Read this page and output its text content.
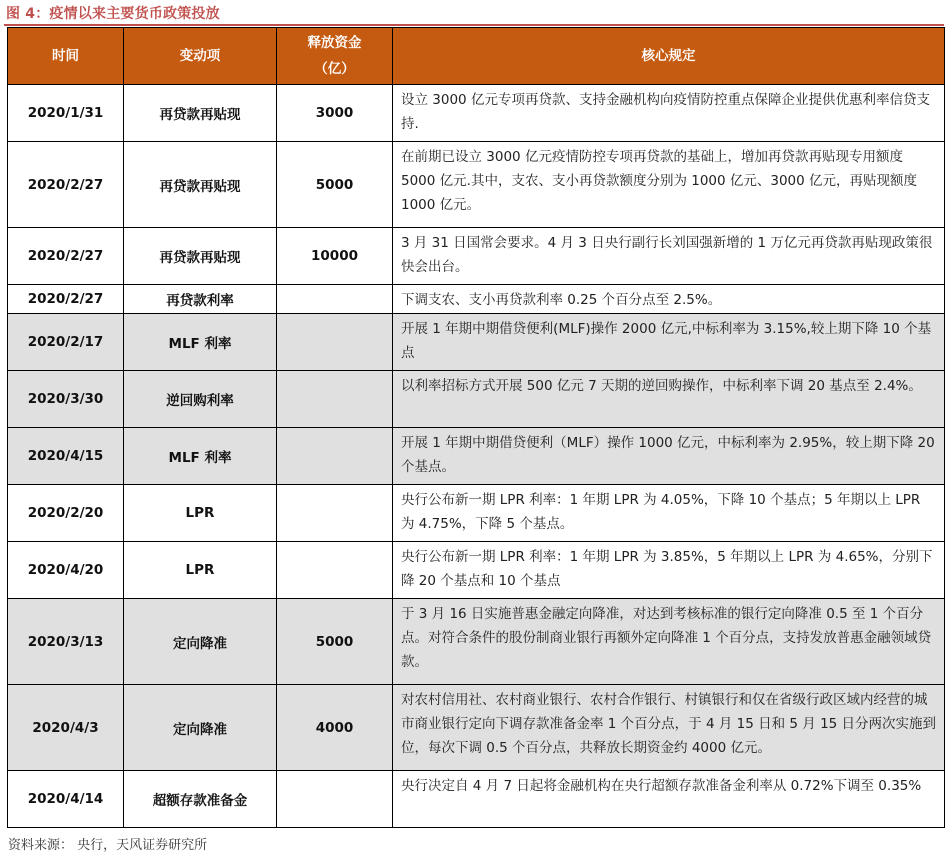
图 4：疫情以来主要货币政策投放
时间	变动项	释放资金（亿）	核心规定
2020/1/31	再贷款再贴现	3000	设立 3000 亿元专项再贷款、支持金融机构向疫情防控重点保障企业提供优惠利率信贷支持.
2020/2/27	再贷款再贴现	5000	在前期已设立 3000 亿元疫情防控专项再贷款的基础上，增加再贷款再贴现专用额度 5000 亿元.其中，支农、支小再贷款额度分别为 1000 亿元、3000 亿元，再贴现额度 1000 亿元。
2020/2/27	再贷款再贴现	10000	3 月 31 日国常会要求。4 月 3 日央行副行长刘国强新增的 1 万亿元再贷款再贴现政策很快会出台。
2020/2/27	再贷款利率		下调支农、支小再贷款利率 0.25 个百分点至 2.5%。
2020/2/17	MLF 利率		开展 1 年期中期借贷便利(MLF)操作 2000 亿元,中标利率为 3.15%,较上期下降 10 个基点
2020/3/30	逆回购利率		以利率招标方式开展 500 亿元 7 天期的逆回购操作，中标利率下调 20 基点至 2.4%。
2020/4/15	MLF 利率		开展 1 年期中期借贷便利（MLF）操作 1000 亿元，中标利率为 2.95%，较上期下降 20 个基点。
2020/2/20	LPR		央行公布新一期 LPR 利率：1 年期 LPR 为 4.05%，下降 10 个基点；5 年期以上 LPR 为 4.75%，下降 5 个基点。
2020/4/20	LPR		央行公布新一期 LPR 利率：1 年期 LPR 为 3.85%，5 年期以上 LPR 为 4.65%，分别下降 20 个基点和 10 个基点
2020/3/13	定向降准	5000	于 3 月 16 日实施普惠金融定向降准，对达到考核标准的银行定向降准 0.5 至 1 个百分点。对符合条件的股份制商业银行再额外定向降准 1 个百分点，支持发放普惠金融领域贷款。
2020/4/3	定向降准	4000	对农村信用社、农村商业银行、农村合作银行、村镇银行和仅在省级行政区域内经营的城市商业银行定向下调存款准备金率 1 个百分点，于 4 月 15 日和 5 月 15 日分两次实施到位，每次下调 0.5 个百分点，共释放长期资金约 4000 亿元。
2020/4/14	超额存款准备金		央行决定自 4 月 7 日起将金融机构在央行超额存款准备金利率从 0.72%下调至 0.35%
资料来源： 央行，天风证券研究所
